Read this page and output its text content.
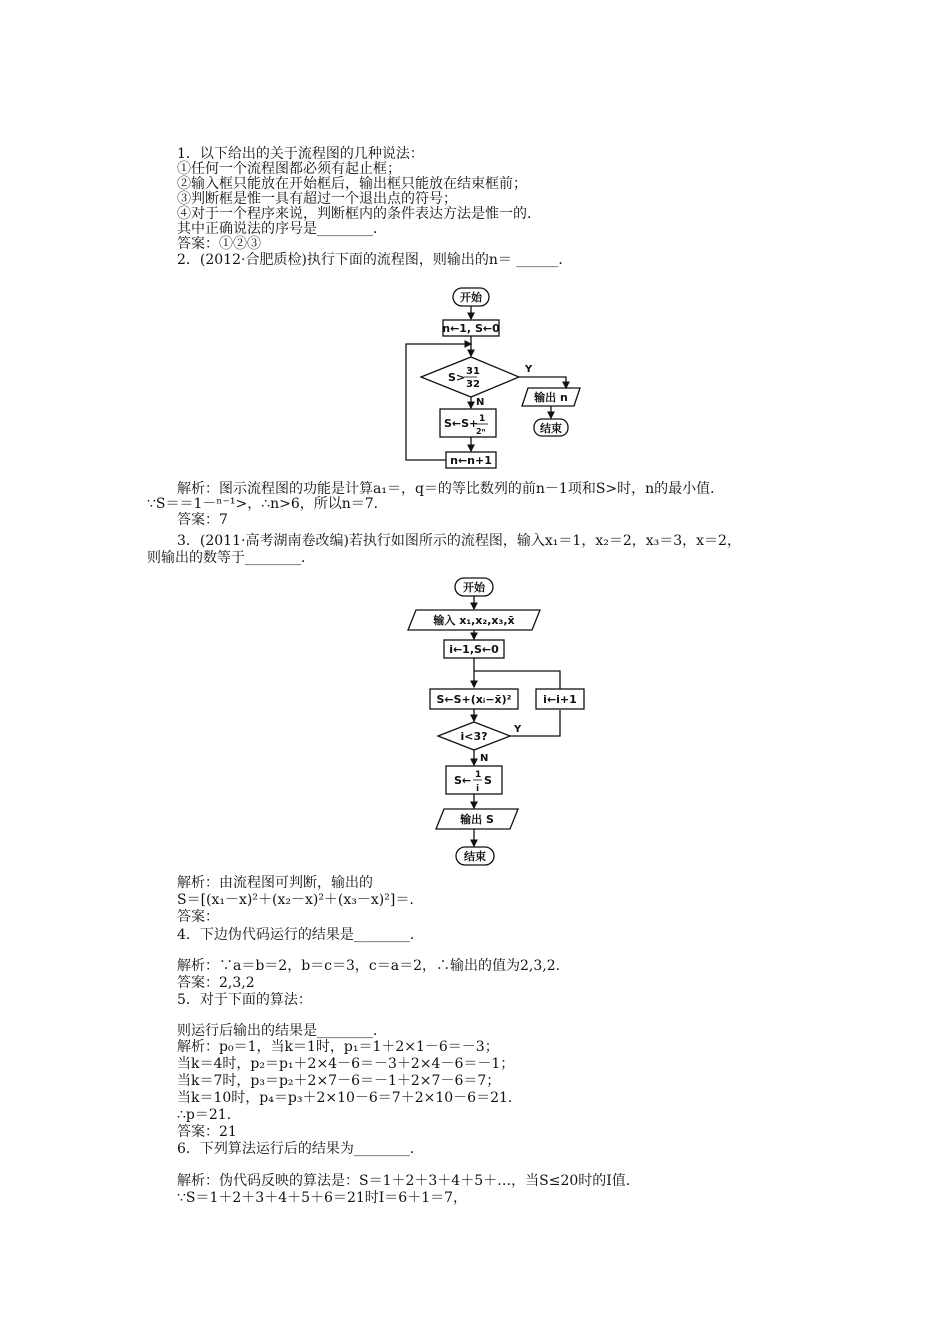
1．以下给出的关于流程图的几种说法：
①任何一个流程图都必须有起止框；
②输入框只能放在开始框后，输出框只能放在结束框前；
③判断框是惟一具有超过一个退出点的符号；
④对于一个程序来说，判断框内的条件表达方法是惟一的．
其中正确说法的序号是________．
答案：①②③
2．(2012·合肥质检)执行下面的流程图，则输出的n＝ ______．
开始
n←1, S←0
S> 31
32
Y
N
S←S+ 1
2ⁿ
n←n+1
输出 n
结束
解析：图示流程图的功能是计算a₁＝，q＝的等比数列的前n－1项和S>时，n的最小值．
∵S＝＝1－ⁿ⁻¹>，∴n>6，所以n＝7．
答案：7
3．(2011·高考湖南卷改编)若执行如图所示的流程图，输入x₁＝1，x₂＝2，x₃＝3，x＝2，
则输出的数等于________．
开始
输入 x₁,x₂,x₃,x̄
i←1,S←0
S←S+(xᵢ−x̄)²	i←i+1
i<3?
Y
N
S← 1
i
S
输出 S
结束
解析：由流程图可判断，输出的
S＝[(x₁－x)²＋(x₂－x)²＋(x₃－x)²]＝.
答案：
4．下边伪代码运行的结果是________．
解析：∵a＝b＝2，b＝c＝3，c＝a＝2，∴输出的值为2,3,2.
答案：2,3,2
5．对于下面的算法：
则运行后输出的结果是________．
解析：p₀＝1，当k＝1时，p₁＝1＋2×1－6＝－3；
当k＝4时，p₂＝p₁＋2×4－6＝－3＋2×4－6＝－1；
当k＝7时，p₃＝p₂＋2×7－6＝－1＋2×7－6＝7；
当k＝10时，p₄＝p₃＋2×10－6＝7＋2×10－6＝21.
∴p＝21.
答案：21
6．下列算法运行后的结果为________．
解析：伪代码反映的算法是：S＝1＋2＋3＋4＋5＋…，当S≤20时的I值．
∵S＝1＋2＋3＋4＋5＋6＝21时I＝6＋1＝7，
